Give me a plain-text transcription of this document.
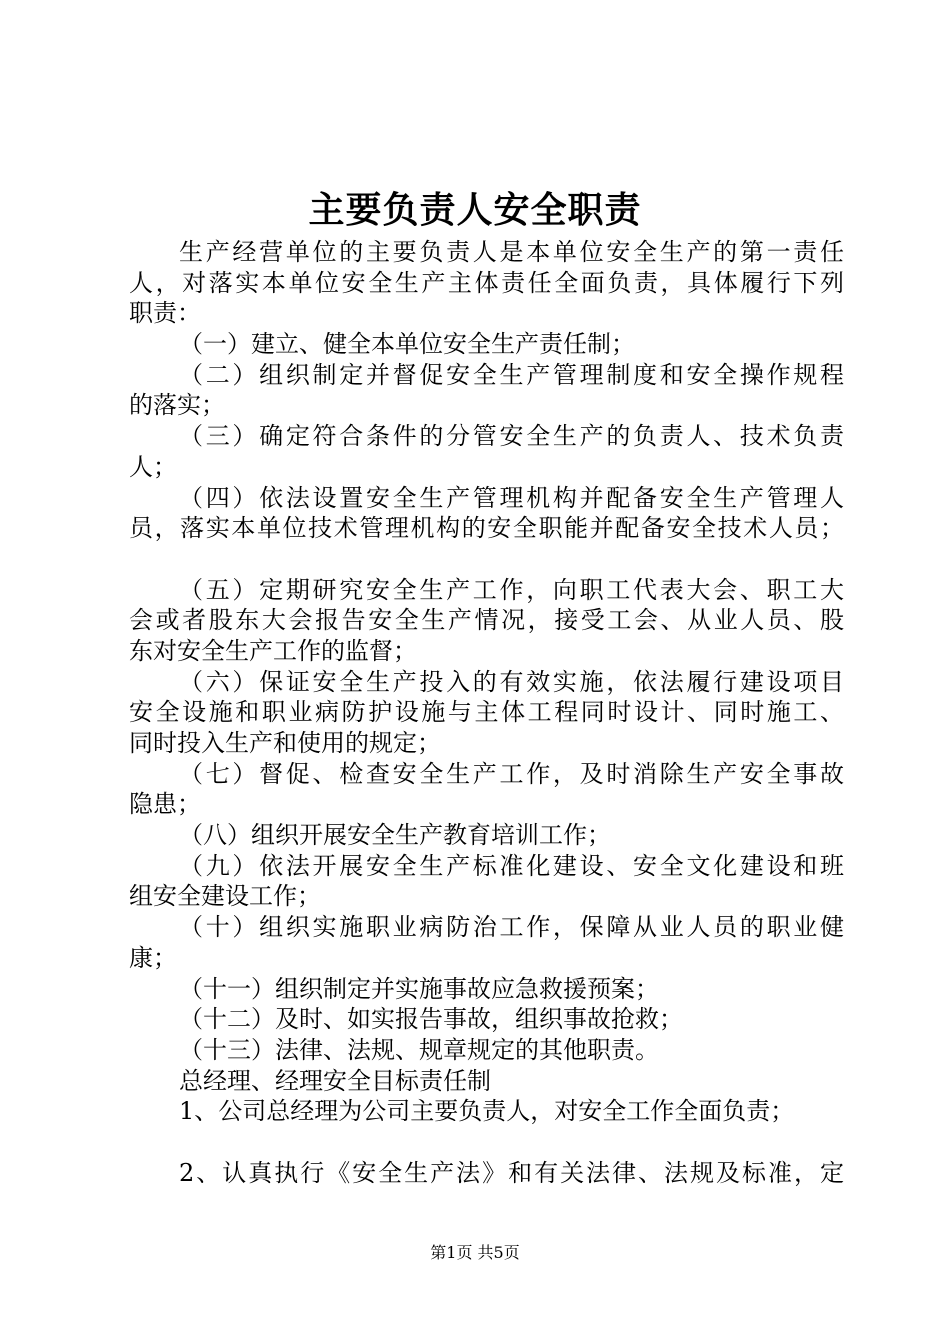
主要负责人安全职责
生产经营单位的主要负责人是本单位安全生产的第一责任
人，对落实本单位安全生产主体责任全面负责，具体履行下列
职责：
（一）建立、健全本单位安全生产责任制；
（二）组织制定并督促安全生产管理制度和安全操作规程
的落实；
（三）确定符合条件的分管安全生产的负责人、技术负责
人；
（四）依法设置安全生产管理机构并配备安全生产管理人
员，落实本单位技术管理机构的安全职能并配备安全技术人员；
（五）定期研究安全生产工作，向职工代表大会、职工大
会或者股东大会报告安全生产情况，接受工会、从业人员、股
东对安全生产工作的监督；
（六）保证安全生产投入的有效实施，依法履行建设项目
安全设施和职业病防护设施与主体工程同时设计、同时施工、
同时投入生产和使用的规定；
（七）督促、检查安全生产工作，及时消除生产安全事故
隐患；
（八）组织开展安全生产教育培训工作；
（九）依法开展安全生产标准化建设、安全文化建设和班
组安全建设工作；
（十）组织实施职业病防治工作，保障从业人员的职业健
康；
（十一）组织制定并实施事故应急救援预案；
（十二）及时、如实报告事故，组织事故抢救；
（十三）法律、法规、规章规定的其他职责。
总经理、经理安全目标责任制
1、公司总经理为公司主要负责人，对安全工作全面负责；
2、认真执行《安全生产法》和有关法律、法规及标准，定
第1页 共5页
